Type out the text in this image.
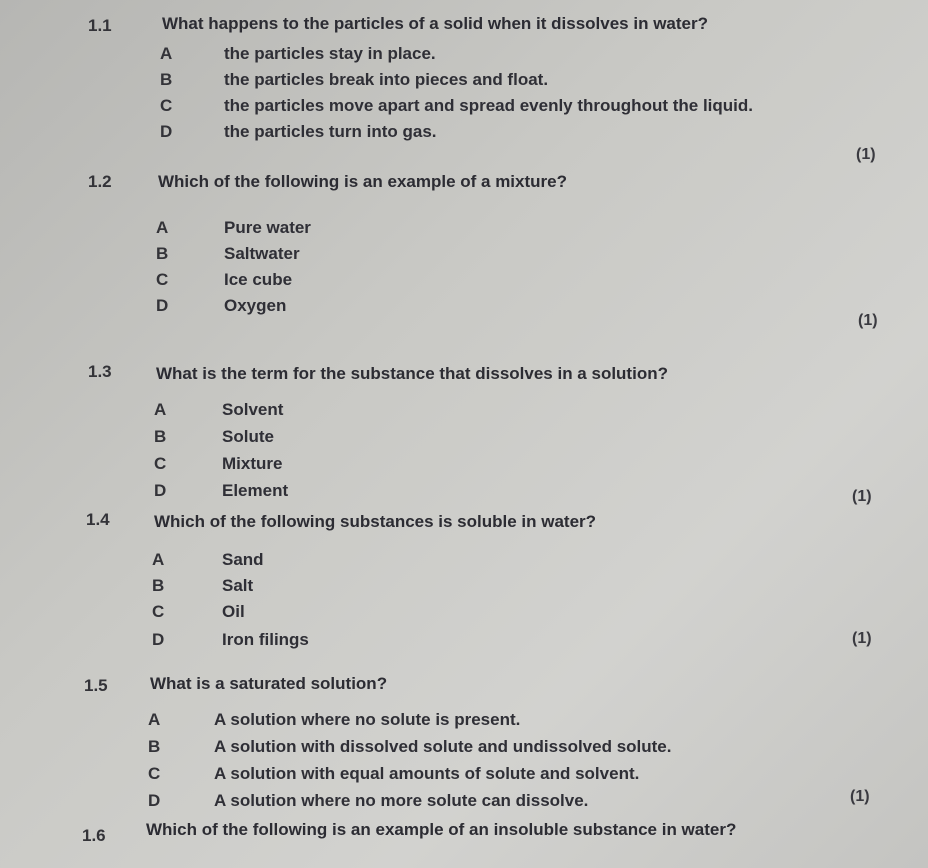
1.1	What happens to the particles of a solid when it dissolves in water?
A	the particles stay in place.
B	the particles break into pieces and float.
C	the particles move apart and spread evenly throughout the liquid.
D	the particles turn into gas.
(1)
1.2	Which of the following is an example of a mixture?
A	Pure water
B	Saltwater
C	Ice cube
D	Oxygen
(1)
1.3	What is the term for the substance that dissolves in a solution?
A	Solvent
B	Solute
C	Mixture
D	Element	(1)
1.4	Which of the following substances is soluble in water?
A	Sand
B	Salt
C	Oil
D	Iron filings	(1)
1.5 What is a saturated solution?
A	A solution where no solute is present.
B	A solution with dissolved solute and undissolved solute.
C	A solution with equal amounts of solute and solvent.
D	A solution where no more solute can dissolve.	(1)
1.6 Which of the following is an example of an insoluble substance in water?
